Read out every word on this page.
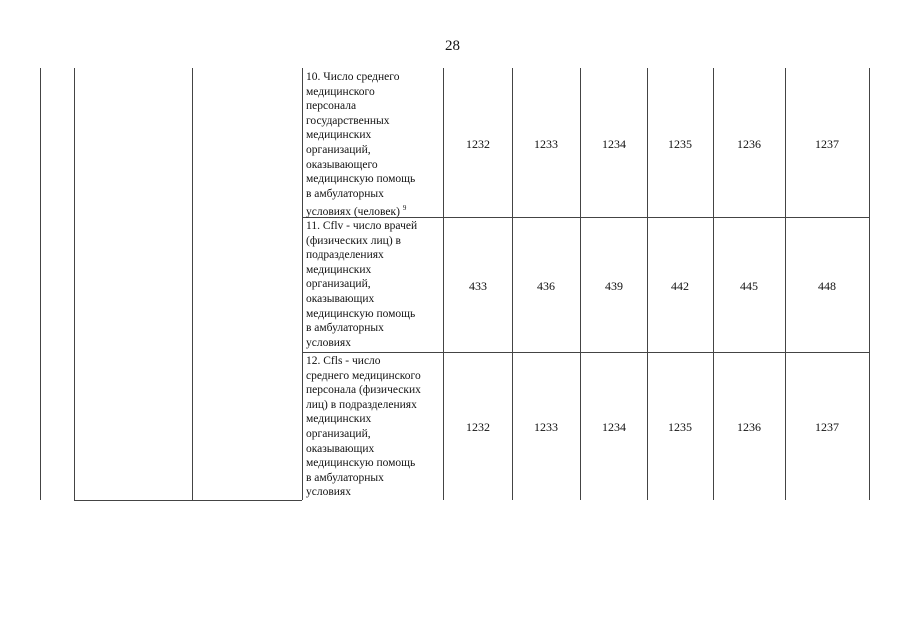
28
10. Число среднего
медицинского
персонала
государственных
медицинских
организаций,
оказывающего
медицинскую помощь
в амбулаторных
условиях (человек) $^9$
1232	1233	1234	1235	1236	1237
11. Cflv - число врачей
(физических лиц) в
подразделениях
медицинских
организаций,
оказывающих
медицинскую помощь
в амбулаторных
условиях
433	436	439	442	445	448
12. Cfls - число
среднего медицинского
персонала (физических
лиц) в подразделениях
медицинских
организаций,
оказывающих
медицинскую помощь
в амбулаторных
условиях
1232	1233	1234	1235	1236	1237
